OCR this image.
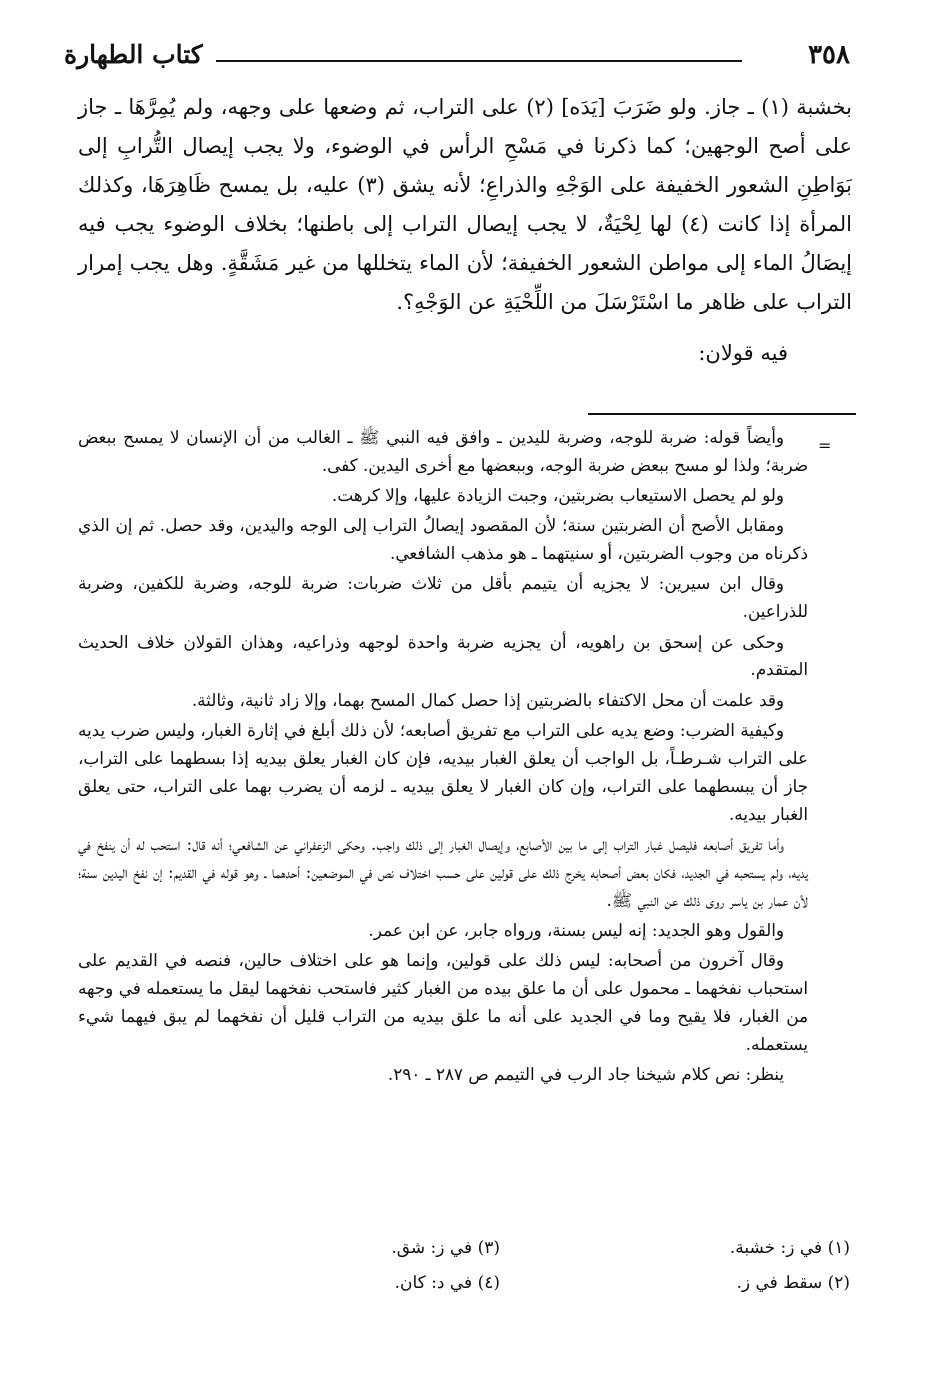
٣٥٨
كتاب الطهارة

بخشبة (١) ـ جاز. ولو ضَرَبَ [يَدَه] (٢) على التراب، ثم وضعها على وجهه، ولم يُمِرَّهَا ـ جاز على أصح الوجهين؛ كما ذكرنا في مَسْحِ الرأس في الوضوء، ولا يجب إيصال التُّرابِ إلى بَوَاطِنِ الشعور الخفيفة على الوَجْهِ والذراعِ؛ لأنه يشق (٣) عليه، بل يمسح ظَاهِرَهَا، وكذلك المرأة إذا كانت (٤) لها لِحْيَةٌ، لا يجب إيصال التراب إلى باطنها؛ بخلاف الوضوء يجب فيه إيصَالُ الماء إلى مواطن الشعور الخفيفة؛ لأن الماء يتخللها من غير مَشَقَّةٍ. وهل يجب إمرار التراب على ظاهر ما اسْتَرْسَلَ من اللِّحْيَةِ عن الوَجْهِ؟.

فيه قولان:

=

وأيضاً قوله: ضربة للوجه، وضربة لليدين ـ وافق فيه النبي ﷺ ـ الغالب من أن الإنسان لا يمسح ببعض ضربة؛ ولذا لو مسح ببعض ضربة الوجه، وببعضها مع أخرى اليدين. كفى.

ولو لم يحصل الاستيعاب بضربتين، وجبت الزيادة عليها، وإلا كرهت.

ومقابل الأصح أن الضربتين سنة؛ لأن المقصود إيصالُ التراب إلى الوجه واليدين، وقد حصل. ثم إن الذي ذكرناه من وجوب الضربتين، أو سنيتهما ـ هو مذهب الشافعي.

وقال ابن سيرين: لا يجزيه أن يتيمم بأقل من ثلاث ضربات: ضربة للوجه، وضربة للكفين، وضربة للذراعين.

وحكى عن إسحق بن راهويه، أن يجزيه ضربة واحدة لوجهه وذراعيه، وهذان القولان خلاف الحديث المتقدم.

وقد علمت أن محل الاكتفاء بالضربتين إذا حصل كمال المسح بهما، وإلا زاد ثانية، وثالثة.

وكيفية الضرب: وضع يديه على التراب مع تفريق أصابعه؛ لأن ذلك أبلغ في إثارة الغبار، وليس ضرب يديه على التراب شـرطـاً، بل الواجب أن يعلق الغبار بيديه، فإن كان الغبار يعلق بيديه إذا بسطهما على التراب، جاز أن يبسطهما على التراب، وإن كان الغبار لا يعلق بيديه ـ لزمه أن يضرب بهما على التراب، حتى يعلق الغبار بيديه.

وأما تفريق أصابعه فليصل غبار التراب إلى ما بين الأصابع، وإيصال الغبار إلى ذلك واجب. وحكى الزعفراني عن الشافعي؛ أنه قال: استحب له أن ينفخ في يديه، ولم يستحبه في الجديد، فكان بعض أصحابه يخرج ذلك على قولين على حسب اختلاف نص في الموضعين: أحدهما ـ وهو قوله في القديم: إن نفخ اليدين سنة؛ لأن عمار بن ياسر روى ذلك عن النبي ﷺ.

والقول وهو الجديد: إنه ليس بسنة، ورواه جابر، عن ابن عمر.

وقال آخرون من أصحابه: ليس ذلك على قولين، وإنما هو على اختلاف حالين، فنصه في القديم على استحباب نفخهما ـ محمول على أن ما علق بيده من الغبار كثير فاستحب نفخهما ليقل ما يستعمله في وجهه من الغبار، فلا يقيح وما في الجديد على أنه ما علق بيديه من التراب قليل أن نفخهما لم يبق فيهما شيء يستعمله.

ينظر: نص كلام شيخنا جاد الرب في التيمم ص ٢٨٧ ـ ٢٩٠.

(١) في ز: خشبة.
(٣) في ز: شق.
(٢) سقط في ز.
(٤) في د: كان.
